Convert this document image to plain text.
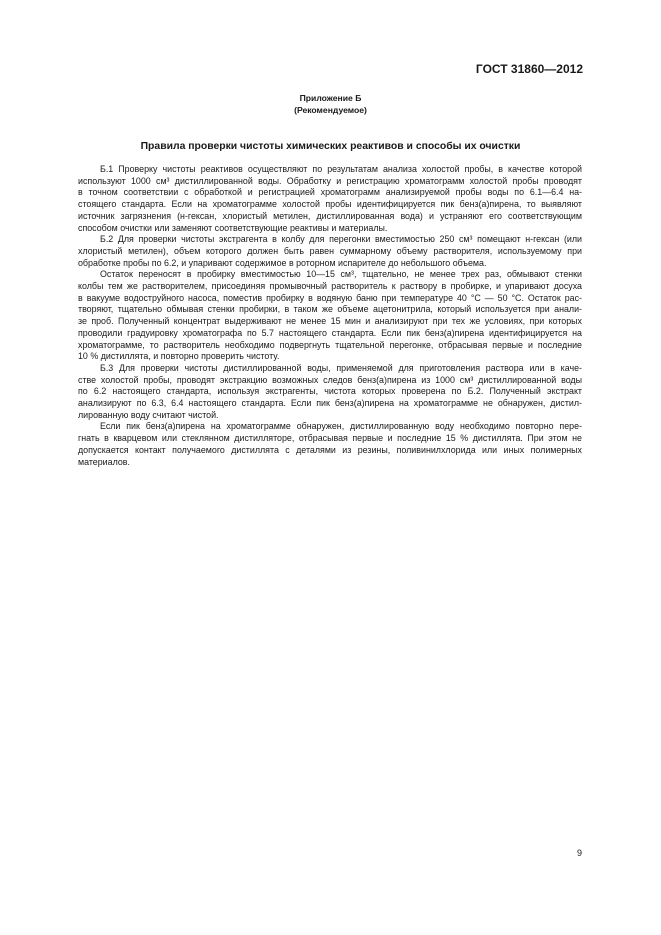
ГОСТ 31860—2012
Приложение Б
(Рекомендуемое)
Правила проверки чистоты химических реактивов и способы их очистки

Б.1 Проверку чистоты реактивов осуществляют по результатам анализа холостой пробы, в качестве которой
используют 1000 см³ дистиллированной воды. Обработку и регистрацию хроматограмм холостой пробы проводят
в точном соответствии с обработкой и регистрацией хроматограмм анализируемой пробы воды по 6.1—6.4 на-
стоящего стандарта. Если на хроматограмме холостой пробы идентифицируется пик бенз(а)пирена, то выявляют
источник загрязнения (н-гексан, хлористый метилен, дистиллированная вода) и устраняют его соответствующим
способом очистки или заменяют соответствующие реактивы и материалы.

Б.2 Для проверки чистоты экстрагента в колбу для перегонки вместимостью 250 см³ помещают н-гексан (или
хлористый метилен), объем которого должен быть равен суммарному объему растворителя, используемому при
обработке пробы по 6.2, и упаривают содержимое в роторном испарителе до небольшого объема.

Остаток переносят в пробирку вместимостью 10—15 см³, тщательно, не менее трех раз, обмывают стенки
колбы тем же растворителем, присоединяя промывочный растворитель к раствору в пробирке, и упаривают досуха
в вакууме водоструйного насоса, поместив пробирку в водяную баню при температуре 40 °С — 50 °С. Остаток рас-
творяют, тщательно обмывая стенки пробирки, в таком же объеме ацетонитрила, который используется при анали-
зе проб. Полученный концентрат выдерживают не менее 15 мин и анализируют при тех же условиях, при которых
проводили градуировку хроматографа по 5.7 настоящего стандарта. Если пик бенз(а)пирена идентифицируется на
хроматограмме, то растворитель необходимо подвергнуть тщательной перегонке, отбрасывая первые и последние
10 % дистиллята, и повторно проверить чистоту.

Б.3 Для проверки чистоты дистиллированной воды, применяемой для приготовления раствора или в каче-
стве холостой пробы, проводят экстракцию возможных следов бенз(а)пирена из 1000 см³ дистиллированной воды
по 6.2 настоящего стандарта, используя экстрагенты, чистота которых проверена по Б.2. Полученный экстракт
анализируют по 6.3, 6.4 настоящего стандарта. Если пик бенз(а)пирена на хроматограмме не обнаружен, дистил-
лированную воду считают чистой.

Если пик бенз(а)пирена на хроматограмме обнаружен, дистиллированную воду необходимо повторно пере-
гнать в кварцевом или стеклянном дистилляторе, отбрасывая первые и последние 15 % дистиллята. При этом не
допускается контакт получаемого дистиллята с деталями из резины, поливинилхлорида или иных полимерных
материалов.

9
